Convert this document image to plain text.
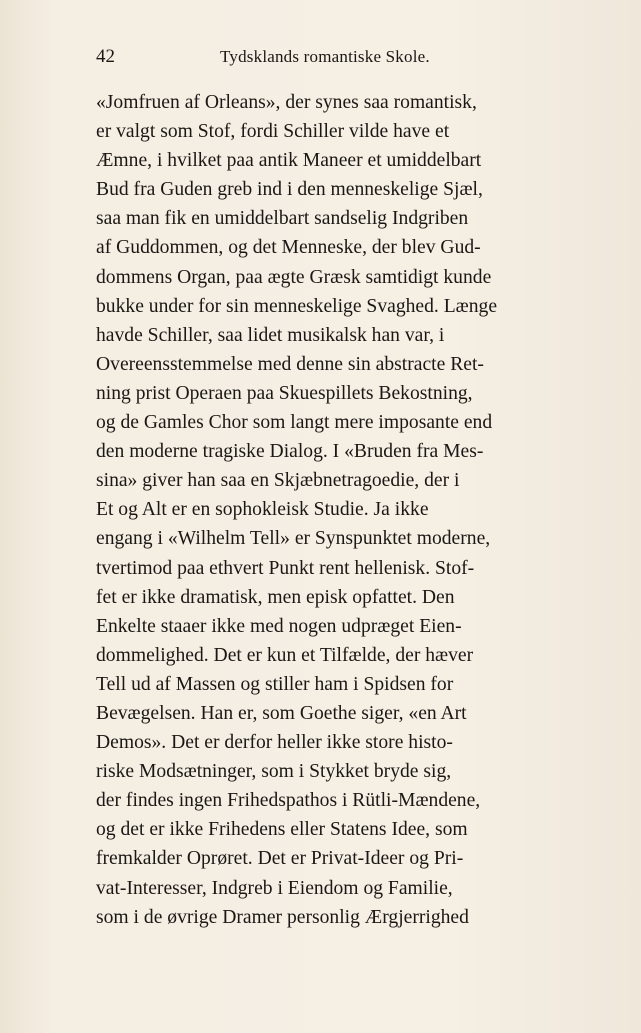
42	Tydsklands romantiske Skole.
«Jomfruen af Orleans», der synes saa romantisk,
er valgt som Stof, fordi Schiller vilde have et
Æmne, i hvilket paa antik Maneer et umiddelbart
Bud fra Guden greb ind i den menneskelige Sjæl,
saa man fik en umiddelbart sandselig Indgriben
af Guddommen, og det Menneske, der blev Gud-
dommens Organ, paa ægte Græsk samtidigt kunde
bukke under for sin menneskelige Svaghed. Længe
havde Schiller, saa lidet musikalsk han var, i
Overeensstemmelse med denne sin abstracte Ret-
ning prist Operaen paa Skuespillets Bekostning,
og de Gamles Chor som langt mere imposante end
den moderne tragiske Dialog. I «Bruden fra Mes-
sina» giver han saa en Skjæbnetragoedie, der i
Et og Alt er en sophokleisk Studie. Ja ikke
engang i «Wilhelm Tell» er Synspunktet moderne,
tvertimod paa ethvert Punkt rent hellenisk. Stof-
fet er ikke dramatisk, men episk opfattet. Den
Enkelte staaer ikke med nogen udpræget Eien-
dommelighed. Det er kun et Tilfælde, der hæver
Tell ud af Massen og stiller ham i Spidsen for
Bevægelsen. Han er, som Goethe siger, «en Art
Demos». Det er derfor heller ikke store histo-
riske Modsætninger, som i Stykket bryde sig,
der findes ingen Frihedspathos i Rütli-Mændene,
og det er ikke Frihedens eller Statens Idee, som
fremkalder Oprøret. Det er Privat-Ideer og Pri-
vat-Interesser, Indgreb i Eiendom og Familie,
som i de øvrige Dramer personlig Ærgjerrighed
